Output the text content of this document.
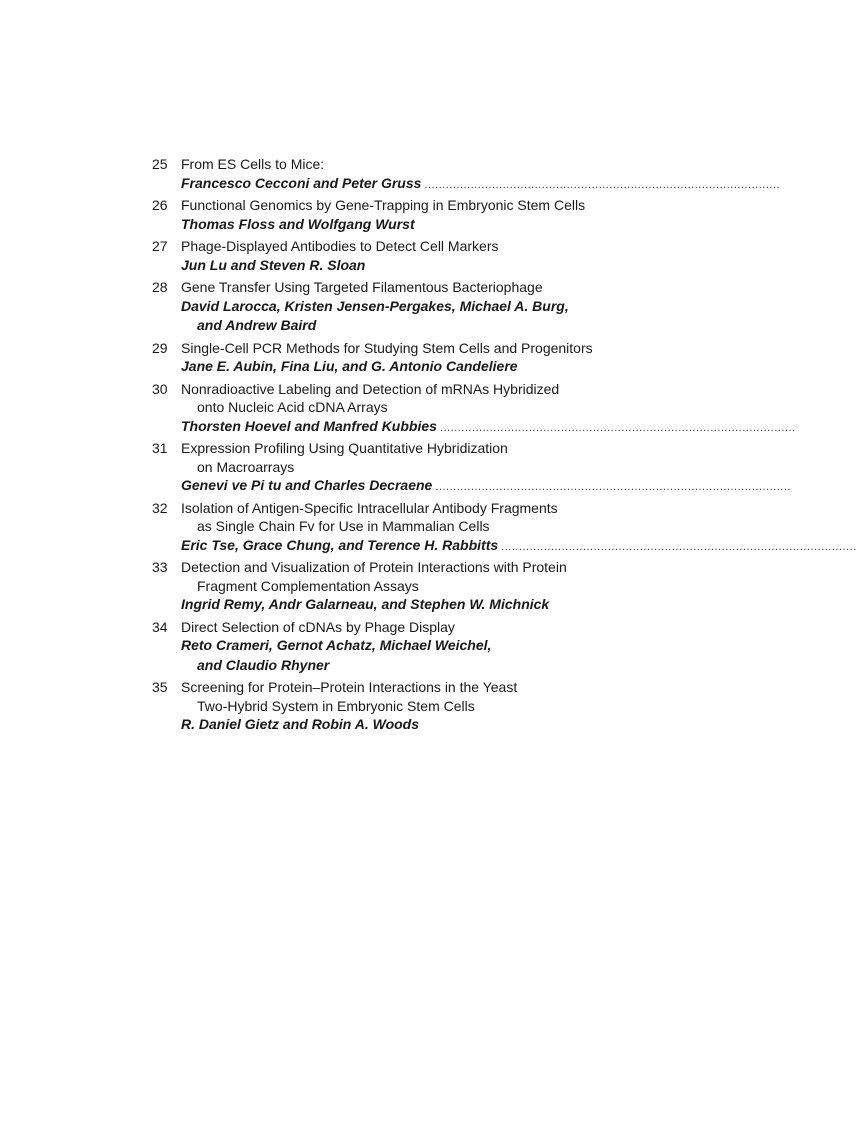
25 From ES Cells to Mice:
Francesco Cecconi and Peter Gruss ....................................................................................................
26 Functional Genomics by Gene-Trapping in Embryonic Stem Cells
Thomas Floss and Wolfgang Wurst
27 Phage-Displayed Antibodies to Detect Cell Markers
Jun Lu and Steven R. Sloan
28 Gene Transfer Using Targeted Filamentous Bacteriophage
David Larocca, Kristen Jensen-Pergakes, Michael A. Burg,
and Andrew Baird
29 Single-Cell PCR Methods for Studying Stem Cells and Progenitors
Jane E. Aubin, Fina Liu, and G. Antonio Candeliere
30 Nonradioactive Labeling and Detection of mRNAs Hybridized
onto Nucleic Acid cDNA Arrays
Thorsten Hoevel and Manfred Kubbies ....................................................................................................
31 Expression Profiling Using Quantitative Hybridization
on Macroarrays
Genevi ve Pi tu and Charles Decraene ....................................................................................................
32 Isolation of Antigen-Specific Intracellular Antibody Fragments
as Single Chain Fv for Use in Mammalian Cells
Eric Tse, Grace Chung, and Terence H. Rabbitts ....................................................................................................
33 Detection and Visualization of Protein Interactions with Protein
Fragment Complementation Assays
Ingrid Remy, Andr Galarneau, and Stephen W. Michnick
34 Direct Selection of cDNAs by Phage Display
Reto Crameri, Gernot Achatz, Michael Weichel,
and Claudio Rhyner
35 Screening for Protein–Protein Interactions in the Yeast
Two-Hybrid System in Embryonic Stem Cells
R. Daniel Gietz and Robin A. Woods
